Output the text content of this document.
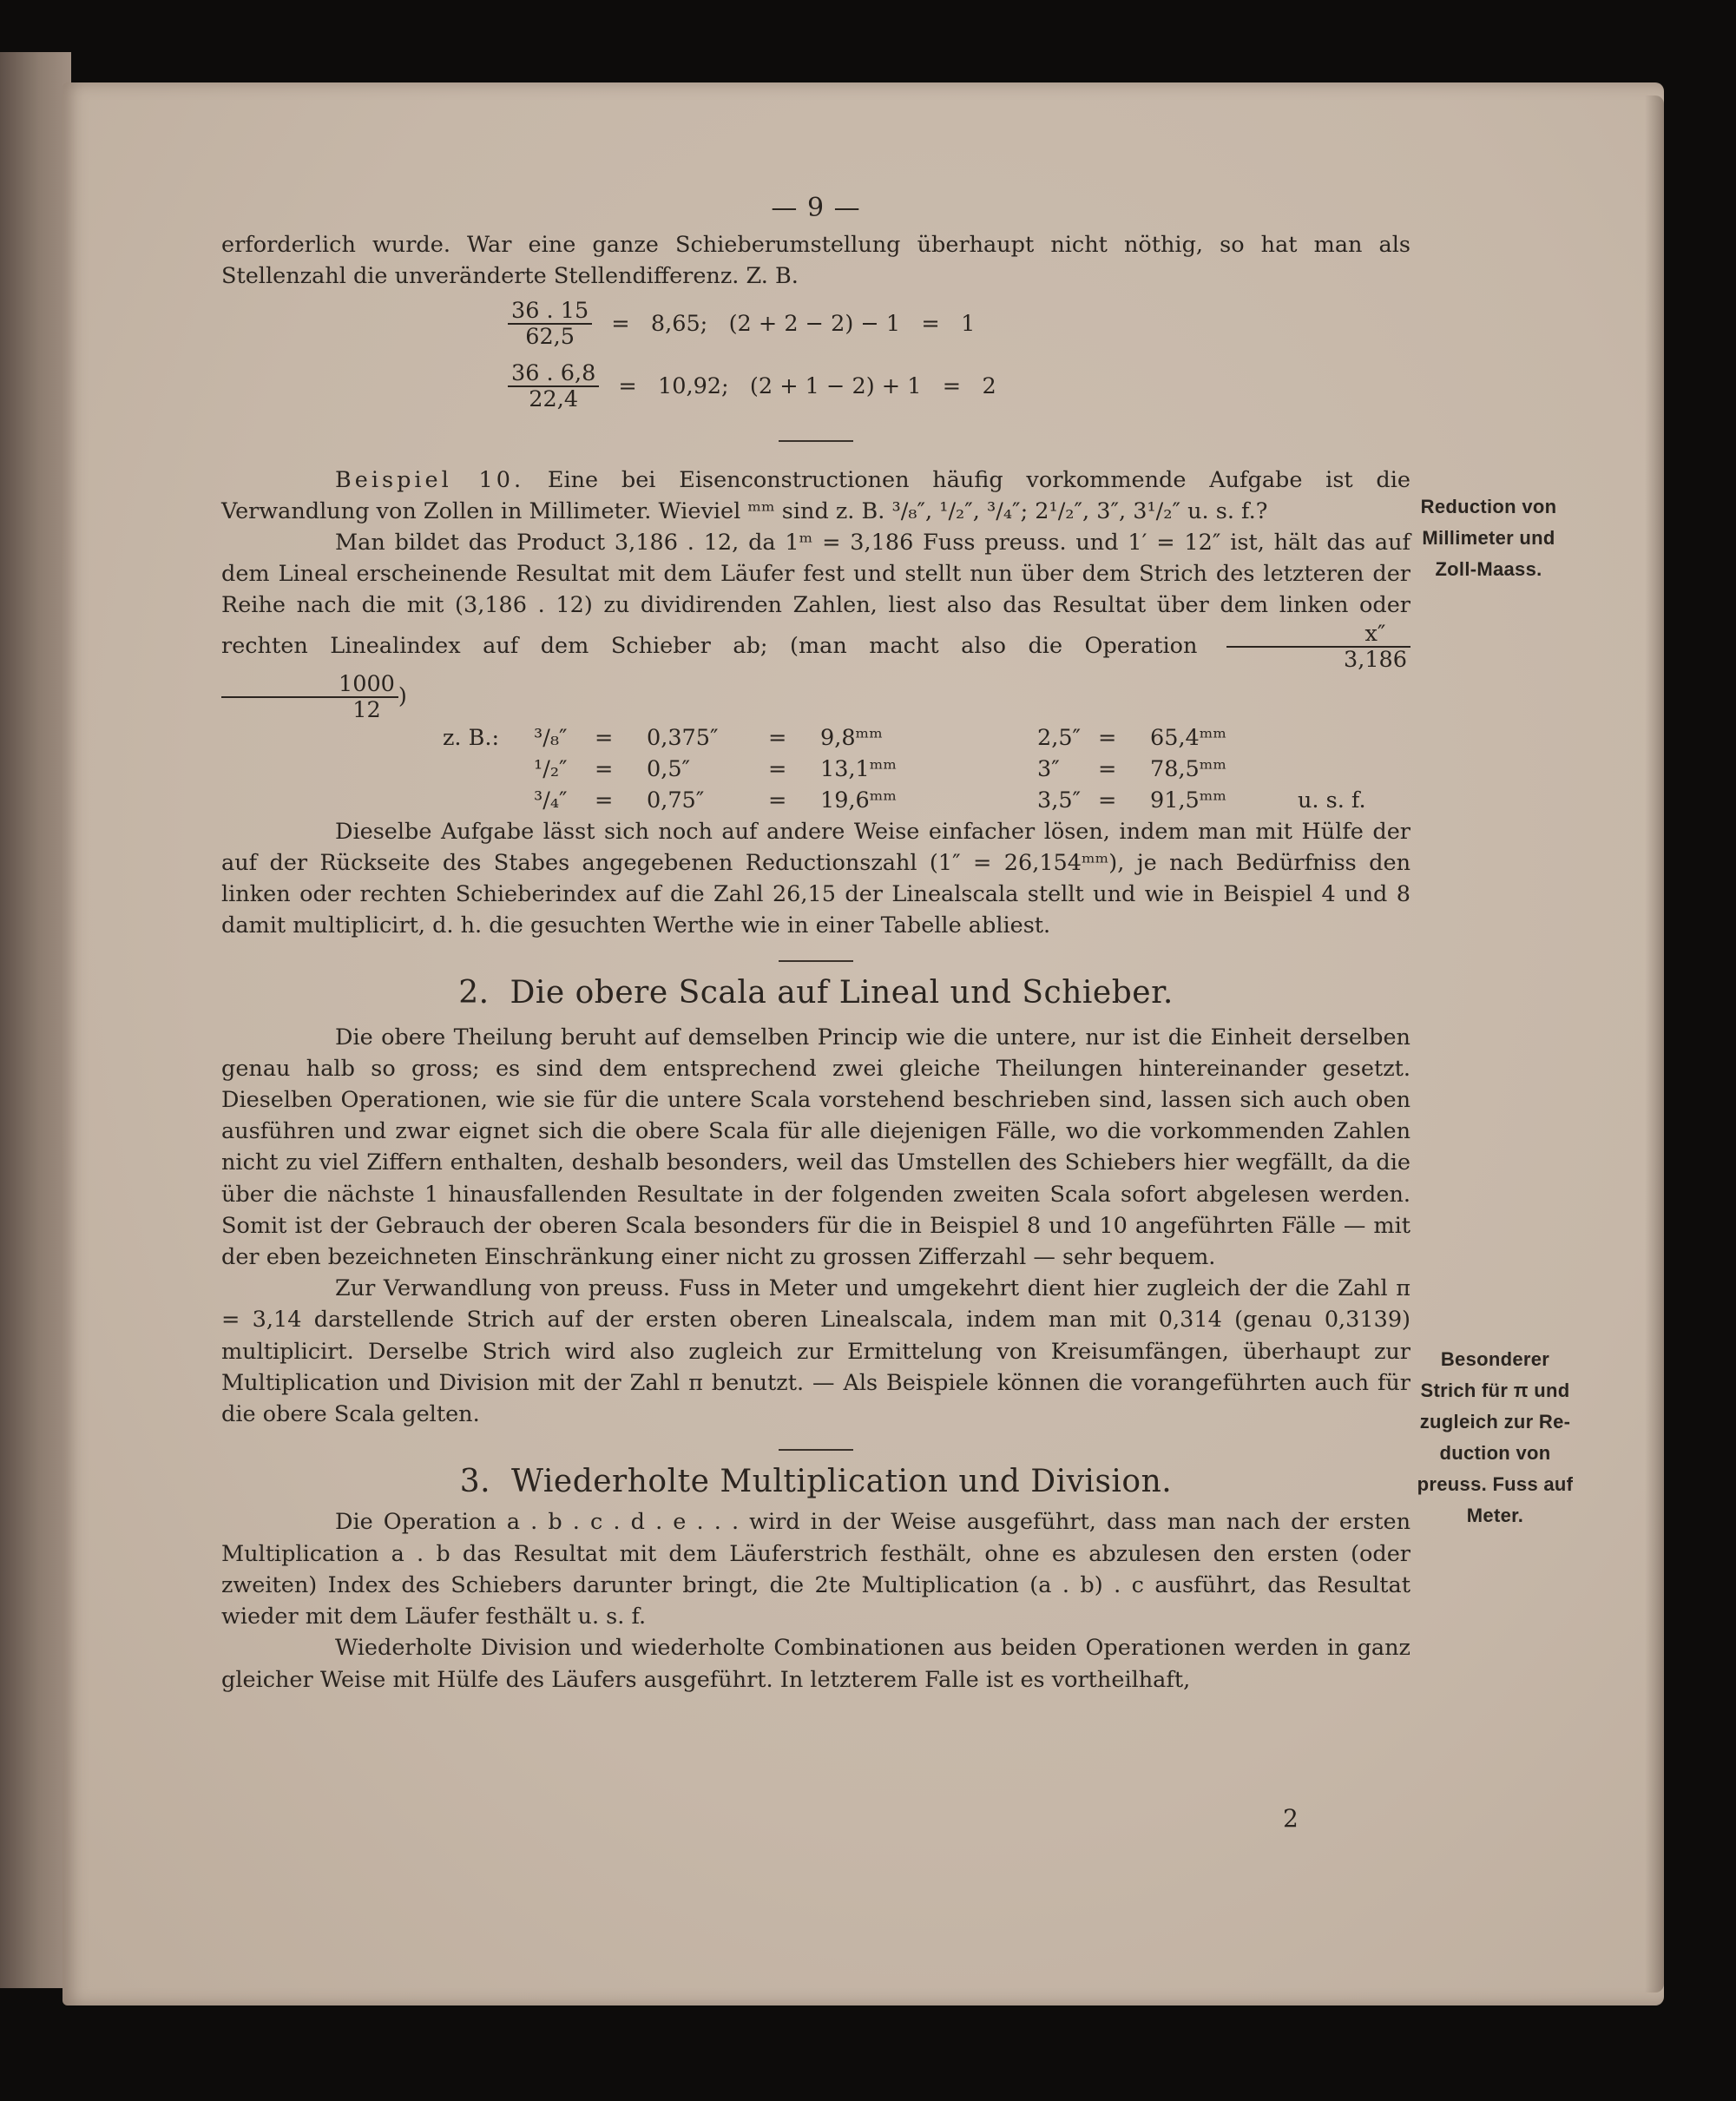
— 9 —

erforderlich wurde. War eine ganze Schieberumstellung überhaupt nicht nöthig, so hat man als Stellenzahl die unveränderte Stellendifferenz. Z. B.

$\frac{36 . 15}{62,5} = 8,65$;   (2 + 2 − 2) − 1   =   1
$\frac{36 . 6,8}{22,4} = 10,92$;   (2 + 1 − 2) + 1   =   2

Beispiel 10. Eine bei Eisenconstructionen häufig vorkommende Aufgabe ist die Verwandlung von Zollen in Millimeter. Wieviel ᵐᵐ sind z. B. ³/₈″, ¹/₂″, ³/₄″; 2¹/₂″, 3″, 3¹/₂″ u. s. f.?

Man bildet das Product 3,186 . 12, da 1ᵐ = 3,186 Fuss preuss. und 1′ = 12″ ist, hält das auf dem Lineal erscheinende Resultat mit dem Läufer fest und stellt nun über dem Strich des letzteren der Reihe nach die mit (3,186 . 12) zu dividirenden Zahlen, liest also das Resultat über dem linken oder rechten Linealindex auf dem Schieber ab; (man macht also die Operation $\frac{x''}{3,186}$
$\frac{1000}{12}$ )

z. B.:	³/₈″	=	0,375″	=	9,8ᵐᵐ	2,5″ =	65,4ᵐᵐ
¹/₂″	=	0,5″	=	13,1ᵐᵐ	3″	=	78,5ᵐᵐ
³/₄″	=	0,75″	=	19,6ᵐᵐ	3,5″ =	91,5ᵐᵐ	u. s. f.

Dieselbe Aufgabe lässt sich noch auf andere Weise einfacher lösen, indem man mit Hülfe der auf der Rückseite des Stabes angegebenen Reductionszahl (1″ = 26,154ᵐᵐ), je nach Bedürfniss den linken oder rechten Schieberindex auf die Zahl 26,15 der Linealscala stellt und wie in Beispiel 4 und 8 damit multiplicirt, d. h. die gesuchten Werthe wie in einer Tabelle abliest.

2.  Die obere Scala auf Lineal und Schieber.

Die obere Theilung beruht auf demselben Princip wie die untere, nur ist die Einheit derselben genau halb so gross; es sind dem entsprechend zwei gleiche Theilungen hintereinander gesetzt. Dieselben Operationen, wie sie für die untere Scala vorstehend beschrieben sind, lassen sich auch oben ausführen und zwar eignet sich die obere Scala für alle diejenigen Fälle, wo die vorkommenden Zahlen nicht zu viel Ziffern enthalten, deshalb besonders, weil das Umstellen des Schiebers hier wegfällt, da die über die nächste 1 hinausfallenden Resultate in der folgenden zweiten Scala sofort abgelesen werden. Somit ist der Gebrauch der oberen Scala besonders für die in Beispiel 8 und 10 angeführten Fälle — mit der eben bezeichneten Einschränkung einer nicht zu grossen Zifferzahl — sehr bequem.

Zur Verwandlung von preuss. Fuss in Meter und umgekehrt dient hier zugleich der die Zahl π = 3,14 darstellende Strich auf der ersten oberen Linealscala, indem man mit 0,314 (genau 0,3139) multiplicirt. Derselbe Strich wird also zugleich zur Ermittelung von Kreisumfängen, überhaupt zur Multiplication und Division mit der Zahl π benutzt. — Als Beispiele können die vorangeführten auch für die obere Scala gelten.

3.  Wiederholte Multiplication und Division.

Die Operation a . b . c . d . e . . . wird in der Weise ausgeführt, dass man nach der ersten Multiplication a . b das Resultat mit dem Läuferstrich festhält, ohne es abzulesen den ersten (oder zweiten) Index des Schiebers darunter bringt, die 2te Multiplication (a . b) . c ausführt, das Resultat wieder mit dem Läufer festhält u. s. f.

Wiederholte Division und wiederholte Combinationen aus beiden Operationen werden in ganz gleicher Weise mit Hülfe des Läufers ausgeführt. In letzterem Falle ist es vortheilhaft,

2
Reduction von
Millimeter und
Zoll-Maass.
Besonderer
Strich für π und
zugleich zur Re-
duction von
preuss. Fuss auf
Meter.
